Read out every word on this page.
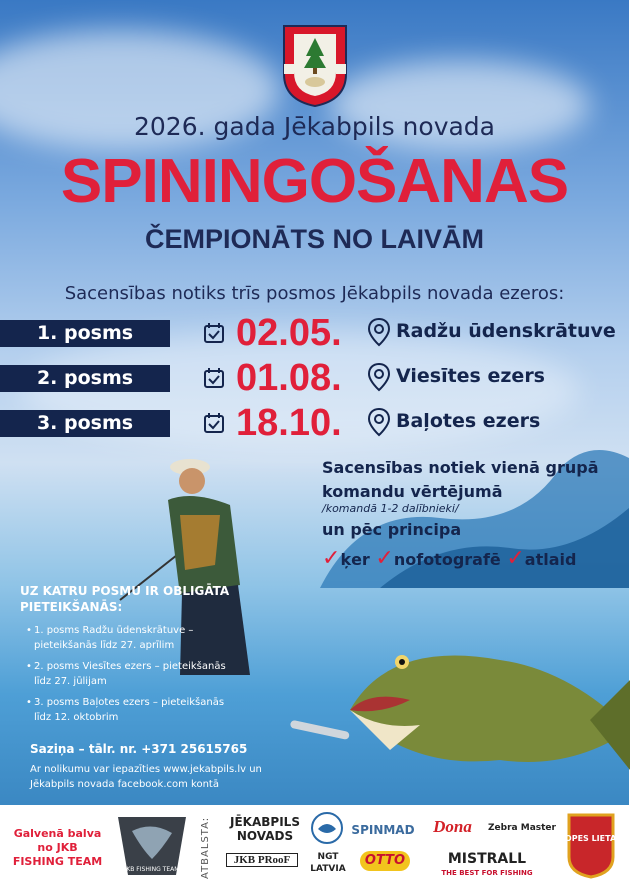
2026. gada Jēkabpils novada
SPININGOŠANAS
ČEMPIONĀTS NO LAIVĀM
Sacensības notiks trīs posmos Jēkabpils novada ezeros:
1. posms	02.05.	Radžu ūdenskrātuve
2. posms	01.08.	Viesītes ezers
3. posms	18.10.	Baļotes ezers
Sacensības notiek vienā grupā
komandu vērtējumā
/komandā 1-2 dalībnieki/
un pēc principa
✓ķer ✓nofotografē ✓atlaid
UZ KATRU POSMU IR OBLIGĀTA PIETEIKŠANĀS:
• 1. posms Radžu ūdenskrātuve – pieteikšanās līdz 27. aprīlim
• 2. posms Viesītes ezers – pieteikšanās līdz 27. jūlijam
• 3. posms Baļotes ezers – pieteikšanās līdz 12. oktobrim
Saziņa – tālr. nr. +371 25615765
Ar nolikumu var iepazīties www.jekabpils.lv un Jēkabpils novada facebook.com kontā
Galvenā balva no JKB FISHING TEAM
JKB FISHING TEAM ATBALSTA:	JĒKABPILS NOVADS	SPINMAD	Dona	Zebra Master
JKB PRooF	NGT LATVIA
OTTO	MISTRALL
THE BEST FOR FISHING
LOPES LIETAS
